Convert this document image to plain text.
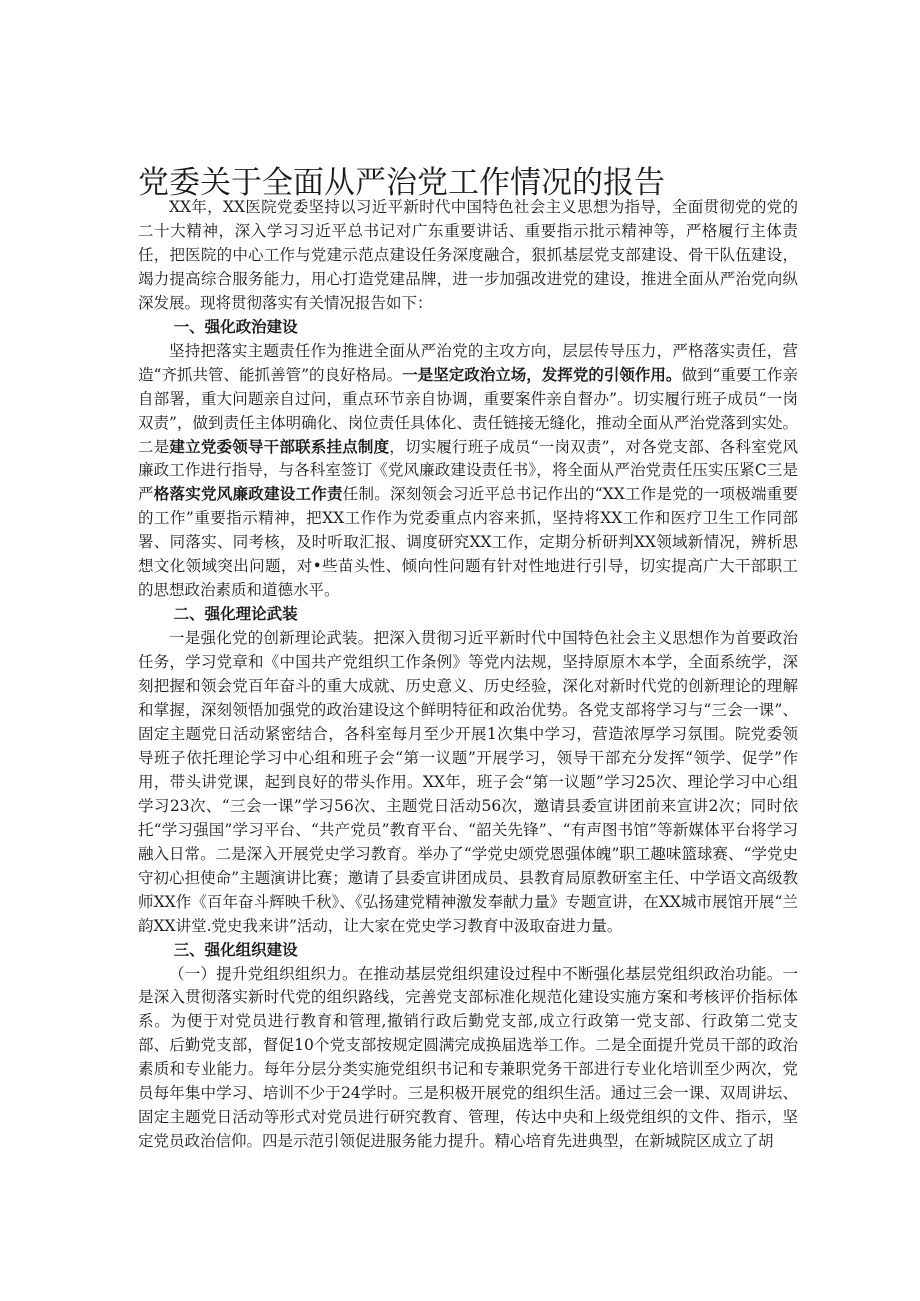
党委关于全面从严治党工作情况的报告

XX年，XX医院党委坚持以习近平新时代中国特色社会主义思想为指导，全面贯彻党的党的二十大精神，深入学习习近平总书记对广东重要讲话、重要指示批示精神等，严格履行主体责任，把医院的中心工作与党建示范点建设任务深度融合，狠抓基层党支部建设、骨干队伍建设，竭力提高综合服务能力，用心打造党建品牌，进一步加强改进党的建设，推进全面从严治党向纵深发展。现将贯彻落实有关情况报告如下：

一、强化政治建设

坚持把落实主题责任作为推进全面从严治党的主攻方向，层层传导压力，严格落实责任，营造“齐抓共管、能抓善管”的良好格局。一是坚定政治立场，发挥党的引领作用。做到“重要工作亲自部署，重大问题亲自过问，重点环节亲自协调，重要案件亲自督办”。切实履行班子成员“一岗双责”，做到责任主体明确化、岗位责任具体化、责任链接无缝化，推动全面从严治党落到实处。二是建立党委领导干部联系挂点制度，切实履行班子成员“一岗双责”，对各党支部、各科室党风廉政工作进行指导，与各科室签订《党风廉政建设责任书》，将全面从严治党责任压实压紧C三是严格落实党风廉政建设工作责任制。深刻领会习近平总书记作出的“XX工作是党的一项极端重要的工作”重要指示精神，把XX工作作为党委重点内容来抓，坚持将XX工作和医疗卫生工作同部署、同落实、同考核，及时听取汇报、调度研究XX工作，定期分析研判XX领域新情况，辨析思想文化领域突出问题，对•些苗头性、倾向性问题有针对性地进行引导，切实提高广大干部职工的思想政治素质和道德水平。

二、强化理论武装

一是强化党的创新理论武装。把深入贯彻习近平新时代中国特色社会主义思想作为首要政治任务，学习党章和《中国共产党组织工作条例》等党内法规，坚持原原木本学，全面系统学，深刻把握和领会党百年奋斗的重大成就、历史意义、历史经验，深化对新时代党的创新理论的理解和掌握，深刻领悟加强党的政治建设这个鲜明特征和政治优势。各党支部将学习与“三会一课”、固定主题党日活动紧密结合，各科室每月至少开展1次集中学习，营造浓厚学习氛围。院党委领导班子依托理论学习中心组和班子会“第一议题”开展学习，领导干部充分发挥“领学、促学”作用，带头讲党课，起到良好的带头作用。XX年，班子会“第一议题”学习25次、理论学习中心组学习23次、“三会一课”学习56次、主题党日活动56次，邀请县委宣讲团前来宣讲2次；同时依托“学习强国”学习平台、“共产党员”教育平台、“韶关先锋”、“有声图书馆”等新媒体平台将学习融入日常。二是深入开展党史学习教育。举办了“学党史颂党恩强体魄”职工趣味篮球赛、“学党史守初心担使命”主题演讲比赛；邀请了县委宣讲团成员、县教育局原教研室主任、中学语文高级教师XX作《百年奋斗辉映千秋》、《弘扬建党精神激发奉献力量》专题宣讲，在XX城市展馆开展“兰韵XX讲堂.党史我来讲”活动，让大家在党史学习教育中汲取奋进力量。

三、强化组织建设

（一）提升党组织组织力。在推动基层党组织建设过程中不断强化基层党组织政治功能。一是深入贯彻落实新时代党的组织路线，完善党支部标准化规范化建设实施方案和考核评价指标体系。为便于对党员进行教育和管理,撤销行政后勤党支部,成立行政第一党支部、行政第二党支部、后勤党支部，督促10个党支部按规定圆满完成换届选举工作。二是全面提升党员干部的政治素质和专业能力。每年分层分类实施党组织书记和专兼职党务干部进行专业化培训至少两次，党员每年集中学习、培训不少于24学时。三是积极开展党的组织生活。通过三会一课、双周讲坛、固定主题党日活动等形式对党员进行研究教育、管理，传达中央和上级党组织的文件、指示，坚定党员政治信仰。四是示范引领促进服务能力提升。精心培育先进典型，在新城院区成立了胡
